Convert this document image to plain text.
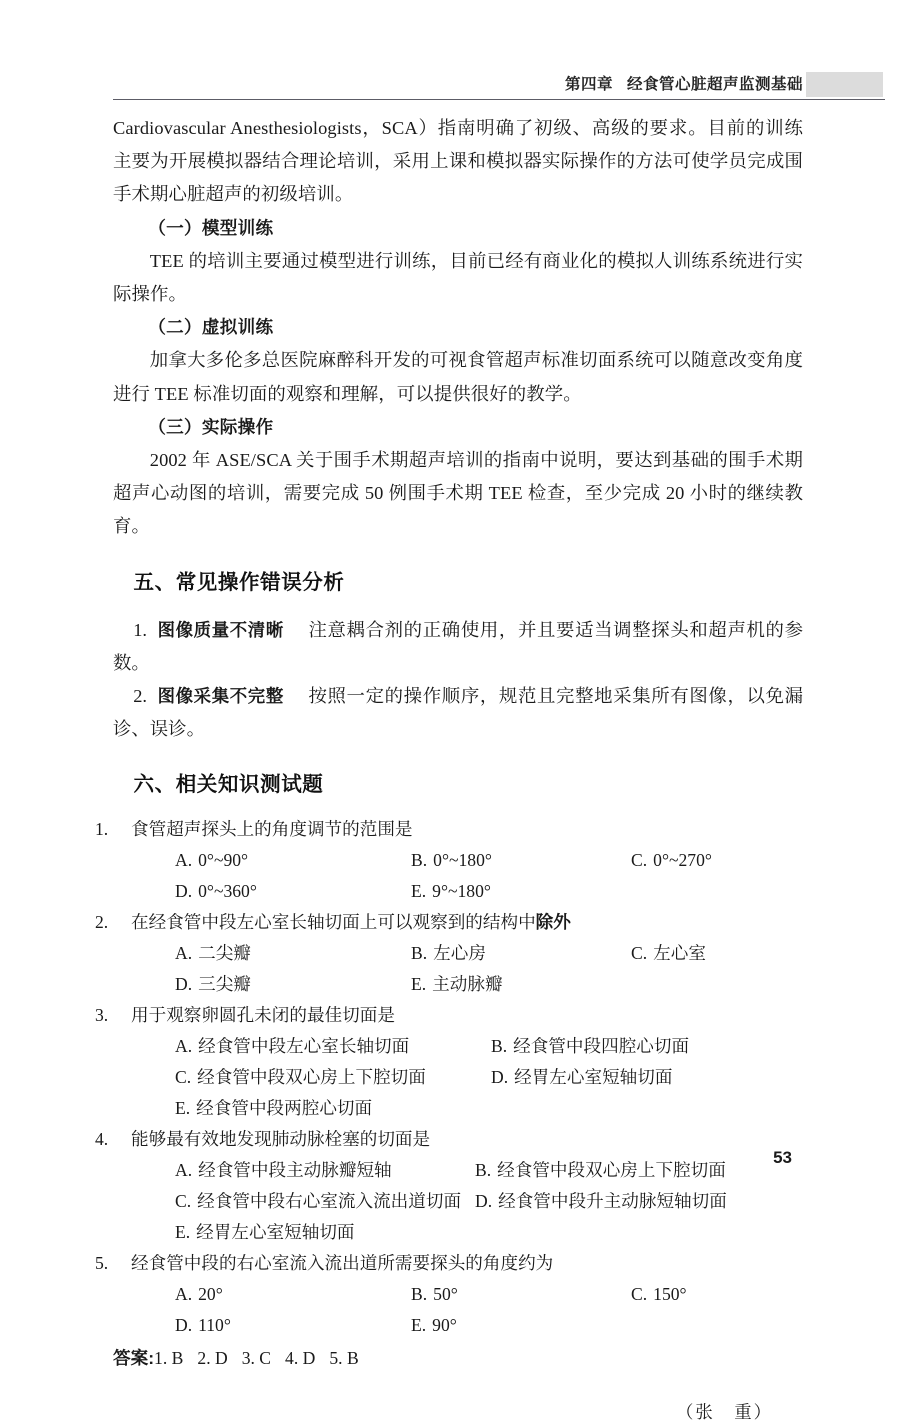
第四章 经食管心脏超声监测基础

Cardiovascular Anesthesiologists，SCA）指南明确了初级、高级的要求。目前的训练主要为开展模拟器结合理论培训，采用上课和模拟器实际操作的方法可使学员完成围手术期心脏超声的初级培训。

（一）模型训练

TEE 的培训主要通过模型进行训练，目前已经有商业化的模拟人训练系统进行实际操作。

（二）虚拟训练

加拿大多伦多总医院麻醉科开发的可视食管超声标准切面系统可以随意改变角度进行 TEE 标准切面的观察和理解，可以提供很好的教学。

（三）实际操作

2002 年 ASE/SCA 关于围手术期超声培训的指南中说明，要达到基础的围手术期超声心动图的培训，需要完成 50 例围手术期 TEE 检查，至少完成 20 小时的继续教育。

五、常见操作错误分析

1. 图像质量不清晰 注意耦合剂的正确使用，并且要适当调整探头和超声机的参数。

2. 图像采集不完整 按照一定的操作顺序，规范且完整地采集所有图像，以免漏诊、误诊。

六、相关知识测试题
1. 食管超声探头上的角度调节的范围是
A. 0°~90°	B. 0°~180°	C. 0°~270°
D. 0°~360°	E. 9°~180°
2. 在经食管中段左心室长轴切面上可以观察到的结构中除外
A. 二尖瓣	B. 左心房	C. 左心室
D. 三尖瓣	E. 主动脉瓣
3. 用于观察卵圆孔未闭的最佳切面是
A. 经食管中段左心室长轴切面	B. 经食管中段四腔心切面
C. 经食管中段双心房上下腔切面	D. 经胃左心室短轴切面
E. 经食管中段两腔心切面
4. 能够最有效地发现肺动脉栓塞的切面是
A. 经食管中段主动脉瓣短轴	B. 经食管中段双心房上下腔切面
C. 经食管中段右心室流入流出道切面 D. 经食管中段升主动脉短轴切面
E. 经胃左心室短轴切面
5. 经食管中段的右心室流入流出道所需要探头的角度约为
A. 20°	B. 50°	C. 150°
D. 110°	E. 90°
答案:1. B 2. D 3. C 4. D 5. B
（张　重）
53
